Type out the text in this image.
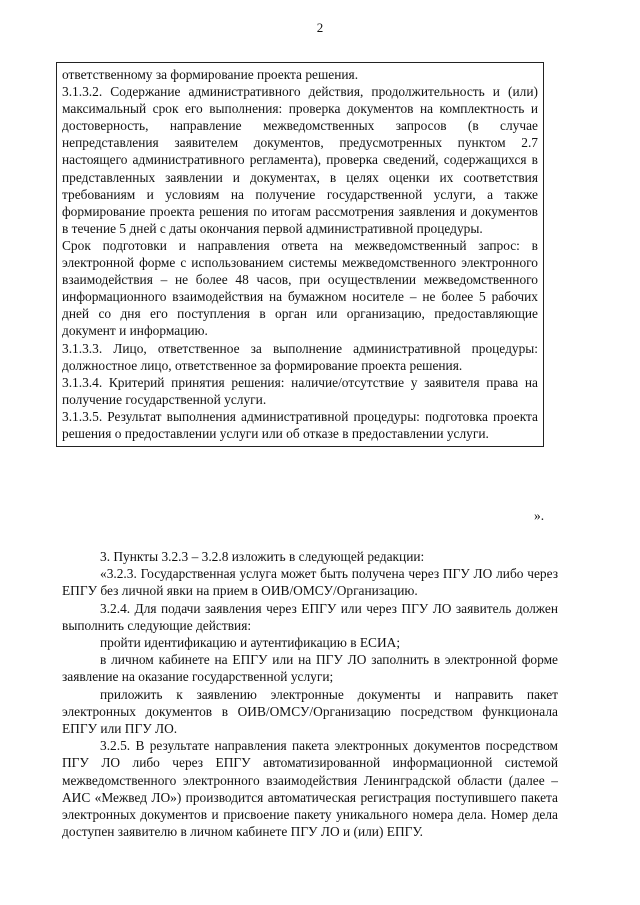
2

ответственному за формирование проекта решения.

3.1.3.2. Содержание административного действия, продолжительность и (или) максимальный срок его выполнения: проверка документов на комплектность и достоверность, направление межведомственных запросов (в случае непредставления заявителем документов, предусмотренных пунктом 2.7 настоящего административного регламента), проверка сведений, содержащихся в представленных заявлении и документах, в целях оценки их соответствия требованиям и условиям на получение государственной услуги, а также формирование проекта решения по итогам рассмотрения заявления и документов в течение 5 дней с даты окончания первой административной процедуры.

Срок подготовки и направления ответа на межведомственный запрос: в электронной форме с использованием системы межведомственного электронного взаимодействия – не более 48 часов, при осуществлении межведомственного информационного взаимодействия на бумажном носителе – не более 5 рабочих дней со дня его поступления в орган или организацию, предоставляющие документ и информацию.

3.1.3.3. Лицо, ответственное за выполнение административной процедуры: должностное лицо, ответственное за формирование проекта решения.

3.1.3.4. Критерий принятия решения: наличие/отсутствие у заявителя права на получение государственной услуги.

3.1.3.5. Результат выполнения административной процедуры: подготовка проекта решения о предоставлении услуги или об отказе в предоставлении услуги.

».

3. Пункты 3.2.3 – 3.2.8 изложить в следующей редакции:

«3.2.3. Государственная услуга может быть получена через ПГУ ЛО либо через ЕПГУ без личной явки на прием в ОИВ/ОМСУ/Организацию.

3.2.4. Для подачи заявления через ЕПГУ или через ПГУ ЛО заявитель должен выполнить следующие действия:

пройти идентификацию и аутентификацию в ЕСИА;

в личном кабинете на ЕПГУ или на ПГУ ЛО заполнить в электронной форме заявление на оказание государственной услуги;

приложить к заявлению электронные документы и направить пакет электронных документов в ОИВ/ОМСУ/Организацию посредством функционала ЕПГУ или ПГУ ЛО.

3.2.5. В результате направления пакета электронных документов посредством ПГУ ЛО либо через ЕПГУ автоматизированной информационной системой межведомственного электронного взаимодействия Ленинградской области (далее – АИС «Межвед ЛО») производится автоматическая регистрация поступившего пакета электронных документов и присвоение пакету уникального номера дела. Номер дела доступен заявителю в личном кабинете ПГУ ЛО и (или) ЕПГУ.
